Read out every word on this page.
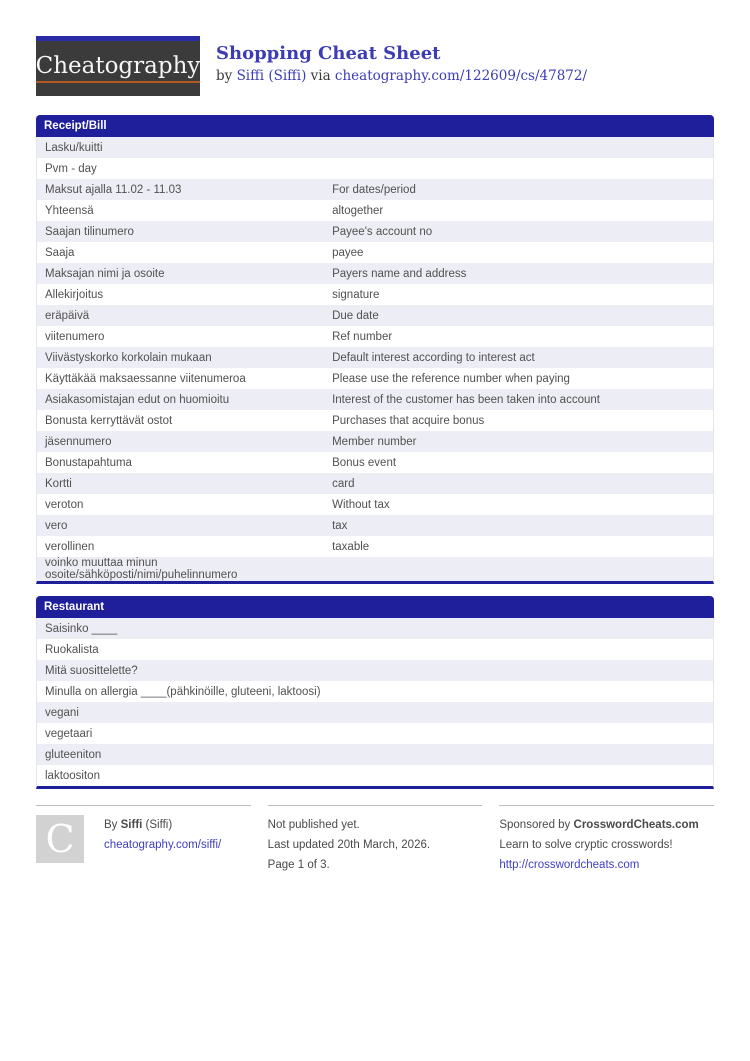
Cheatography Shopping Cheat Sheet
by Siffi (Siffi) via cheatography.com/122609/cs/47872/
Receipt/Bill
Lasku/kuitti
Pvm - day
Maksut ajalla 11.02 - 11.03	For dates/period
Yhteensä	altogether
Saajan tilinumero	Payee's account no
Saaja	payee
Maksajan nimi ja osoite	Payers name and address
Allekirjoitus	signature
eräpäivä	Due date
viitenumero	Ref number
Viivästyskorko korkolain mukaan	Default interest according to interest act
Käyttäkää maksaessanne viitenumeroa	Please use the reference number when paying
Asiakasomistajan edut on huomioitu	Interest of the customer has been taken into account
Bonusta kerryttävät ostot	Purchases that acquire bonus
jäsennumero	Member number
Bonustapahtuma	Bonus event
Kortti	card
veroton	Without tax
vero	tax
verollinen	taxable
voinko muuttaa minun osoite/sähköposti/nimi/puhelinnumero
Restaurant
Saisinko ____
Ruokalista
Mitä suosittelette?
Minulla on allergia ____(pähkinöille, gluteeni, laktoosi)
vegani
vegetaari
gluteeniton
laktoositon
C	By Siffi (Siffi)
cheatography.com/siffi/
Not published yet.
Last updated 20th March, 2026.
Page 1 of 3.
Sponsored by CrosswordCheats.com
Learn to solve cryptic crosswords!
http://crosswordcheats.com
